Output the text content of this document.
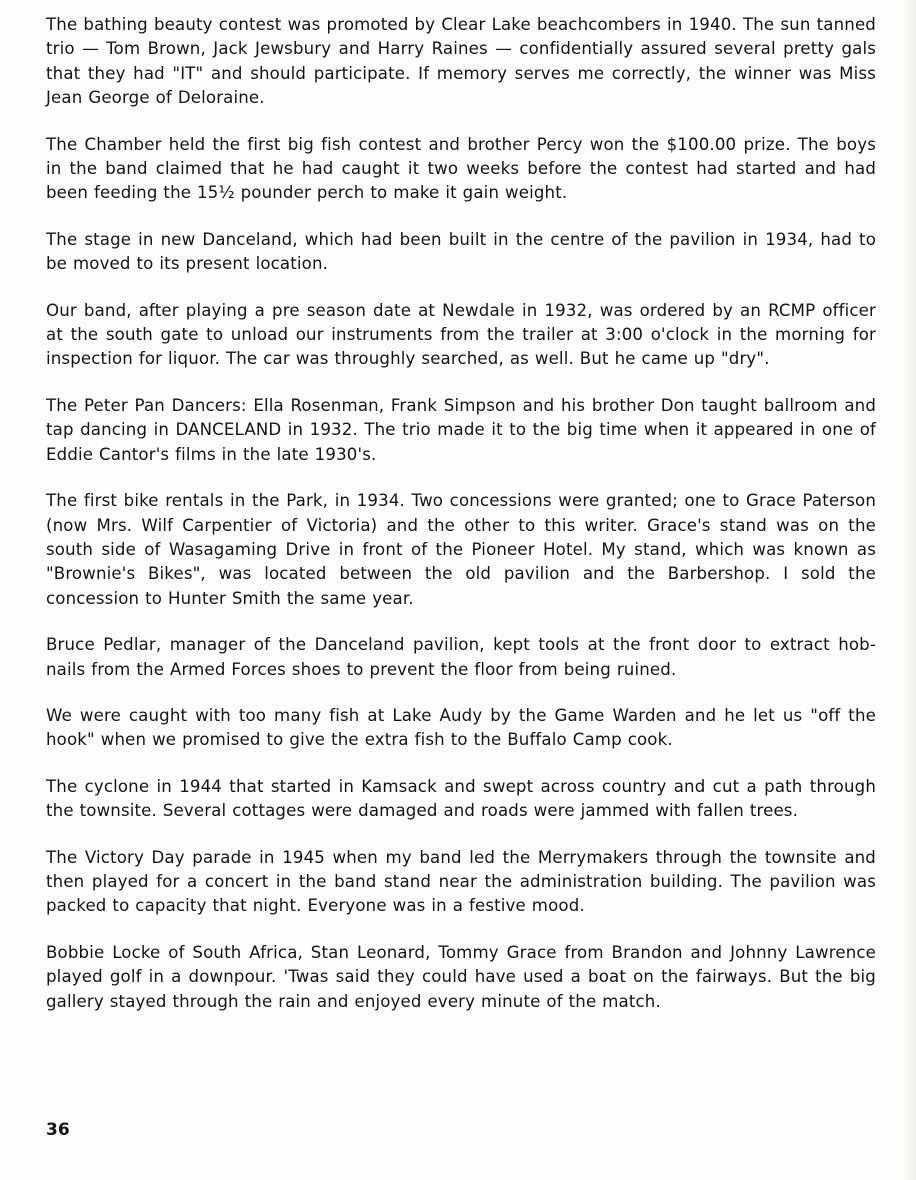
The bathing beauty contest was promoted by Clear Lake beachcombers in 1940. The sun tanned trio — Tom Brown, Jack Jewsbury and Harry Raines — confidentially assured several pretty gals that they had "IT" and should participate. If memory serves me correctly, the winner was Miss Jean George of Deloraine.

The Chamber held the first big fish contest and brother Percy won the $100.00 prize. The boys in the band claimed that he had caught it two weeks before the contest had started and had been feeding the 15½ pounder perch to make it gain weight.

The stage in new Danceland, which had been built in the centre of the pavilion in 1934, had to be moved to its present location.

Our band, after playing a pre season date at Newdale in 1932, was ordered by an RCMP officer at the south gate to unload our instruments from the trailer at 3:00 o'clock in the morning for inspection for liquor. The car was throughly searched, as well. But he came up "dry".

The Peter Pan Dancers: Ella Rosenman, Frank Simpson and his brother Don taught ballroom and tap dancing in DANCELAND in 1932. The trio made it to the big time when it appeared in one of Eddie Cantor's films in the late 1930's.

The first bike rentals in the Park, in 1934. Two concessions were granted; one to Grace Paterson (now Mrs. Wilf Carpentier of Victoria) and the other to this writer. Grace's stand was on the south side of Wasagaming Drive in front of the Pioneer Hotel. My stand, which was known as "Brownie's Bikes", was located between the old pavilion and the Barbershop. I sold the concession to Hunter Smith the same year.

Bruce Pedlar, manager of the Danceland pavilion, kept tools at the front door to extract hob-nails from the Armed Forces shoes to prevent the floor from being ruined.

We were caught with too many fish at Lake Audy by the Game Warden and he let us "off the hook" when we promised to give the extra fish to the Buffalo Camp cook.

The cyclone in 1944 that started in Kamsack and swept across country and cut a path through the townsite. Several cottages were damaged and roads were jammed with fallen trees.

The Victory Day parade in 1945 when my band led the Merrymakers through the townsite and then played for a concert in the band stand near the administration building. The pavilion was packed to capacity that night. Everyone was in a festive mood.

Bobbie Locke of South Africa, Stan Leonard, Tommy Grace from Brandon and Johnny Lawrence played golf in a downpour. 'Twas said they could have used a boat on the fairways. But the big gallery stayed through the rain and enjoyed every minute of the match.

36
